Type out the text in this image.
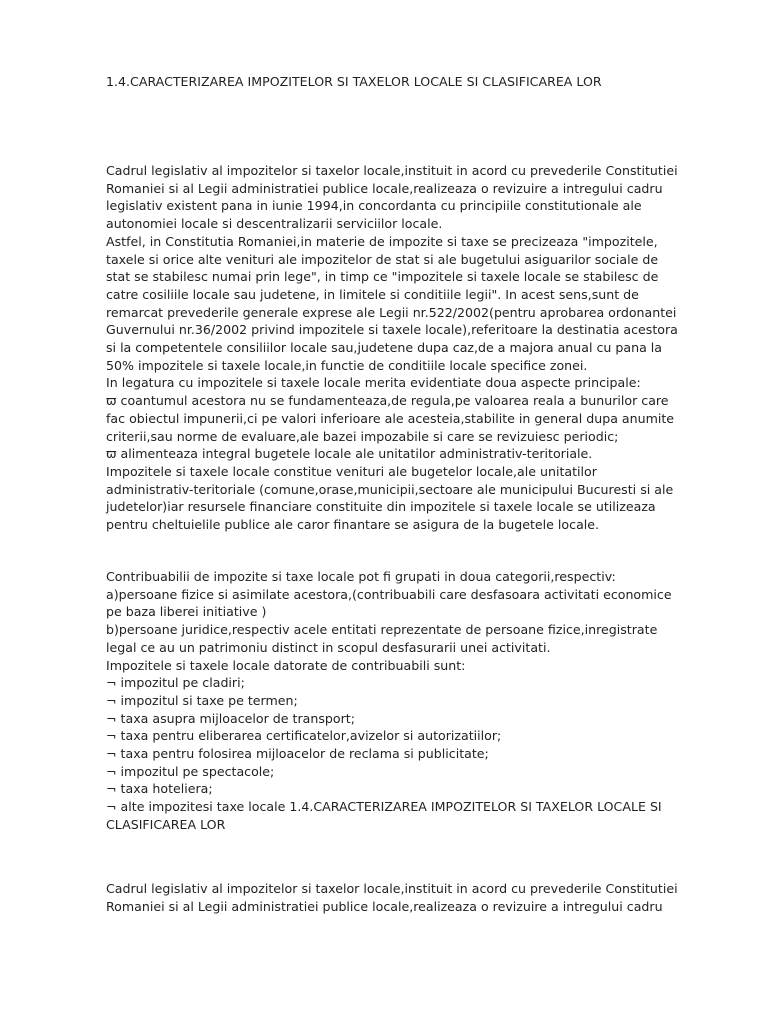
1.4.CARACTERIZAREA IMPOZITELOR SI TAXELOR LOCALE SI CLASIFICAREA LOR

Cadrul legislativ al impozitelor si taxelor locale,instituit in acord cu prevederile Constitutiei

Romaniei si al Legii administratiei publice locale,realizeaza o revizuire a intregului cadru

legislativ existent pana in iunie 1994,in concordanta cu principiile constitutionale ale

autonomiei locale si descentralizarii serviciilor locale.

Astfel, in Constitutia Romaniei,in materie de impozite si taxe se precizeaza "impozitele,

taxele si orice alte venituri ale impozitelor de stat si ale bugetului asiguarilor sociale de

stat se stabilesc numai prin lege", in timp ce "impozitele si taxele locale se stabilesc de

catre cosiliile locale sau judetene, in limitele si conditiile legii". In acest sens,sunt de

remarcat prevederile generale exprese ale Legii nr.522/2002(pentru aprobarea ordonantei

Guvernului nr.36/2002 privind impozitele si taxele locale),referitoare la destinatia acestora

si la competentele consiliilor locale sau,judetene dupa caz,de a majora anual cu pana la

50% impozitele si taxele locale,in functie de conditiile locale specifice zonei.

In legatura cu impozitele si taxele locale merita evidentiate doua aspecte principale:

ϖ coantumul acestora nu se fundamenteaza,de regula,pe valoarea reala a bunurilor care

fac obiectul impunerii,ci pe valori inferioare ale acesteia,stabilite in general dupa anumite

criterii,sau norme de evaluare,ale bazei impozabile si care se revizuiesc periodic;

ϖ alimenteaza integral bugetele locale ale unitatilor administrativ-teritoriale.

Impozitele si taxele locale constitue venituri ale bugetelor locale,ale unitatilor

administrativ-teritoriale (comune,orase,municipii,sectoare ale municipului Bucuresti si ale

judetelor)iar resursele financiare constituite din impozitele si taxele locale se utilizeaza

pentru cheltuielile publice ale caror finantare se asigura de la bugetele locale.

Contribuabilii de impozite si taxe locale pot fi grupati in doua categorii,respectiv:

a)persoane fizice si asimilate acestora,(contribuabili care desfasoara activitati economice

pe baza liberei initiative )

b)persoane juridice,respectiv acele entitati reprezentate de persoane fizice,inregistrate

legal ce au un patrimoniu distinct in scopul desfasurarii unei activitati.

Impozitele si taxele locale datorate de contribuabili sunt:

¬ impozitul pe cladiri;

¬ impozitul si taxe pe termen;

¬ taxa asupra mijloacelor de transport;

¬ taxa pentru eliberarea certificatelor,avizelor si autorizatiilor;

¬ taxa pentru folosirea mijloacelor de reclama si publicitate;

¬ impozitul pe spectacole;

¬ taxa hoteliera;

¬ alte impozitesi taxe locale 1.4.CARACTERIZAREA IMPOZITELOR SI TAXELOR LOCALE SI

CLASIFICAREA LOR

Cadrul legislativ al impozitelor si taxelor locale,instituit in acord cu prevederile Constitutiei

Romaniei si al Legii administratiei publice locale,realizeaza o revizuire a intregului cadru
